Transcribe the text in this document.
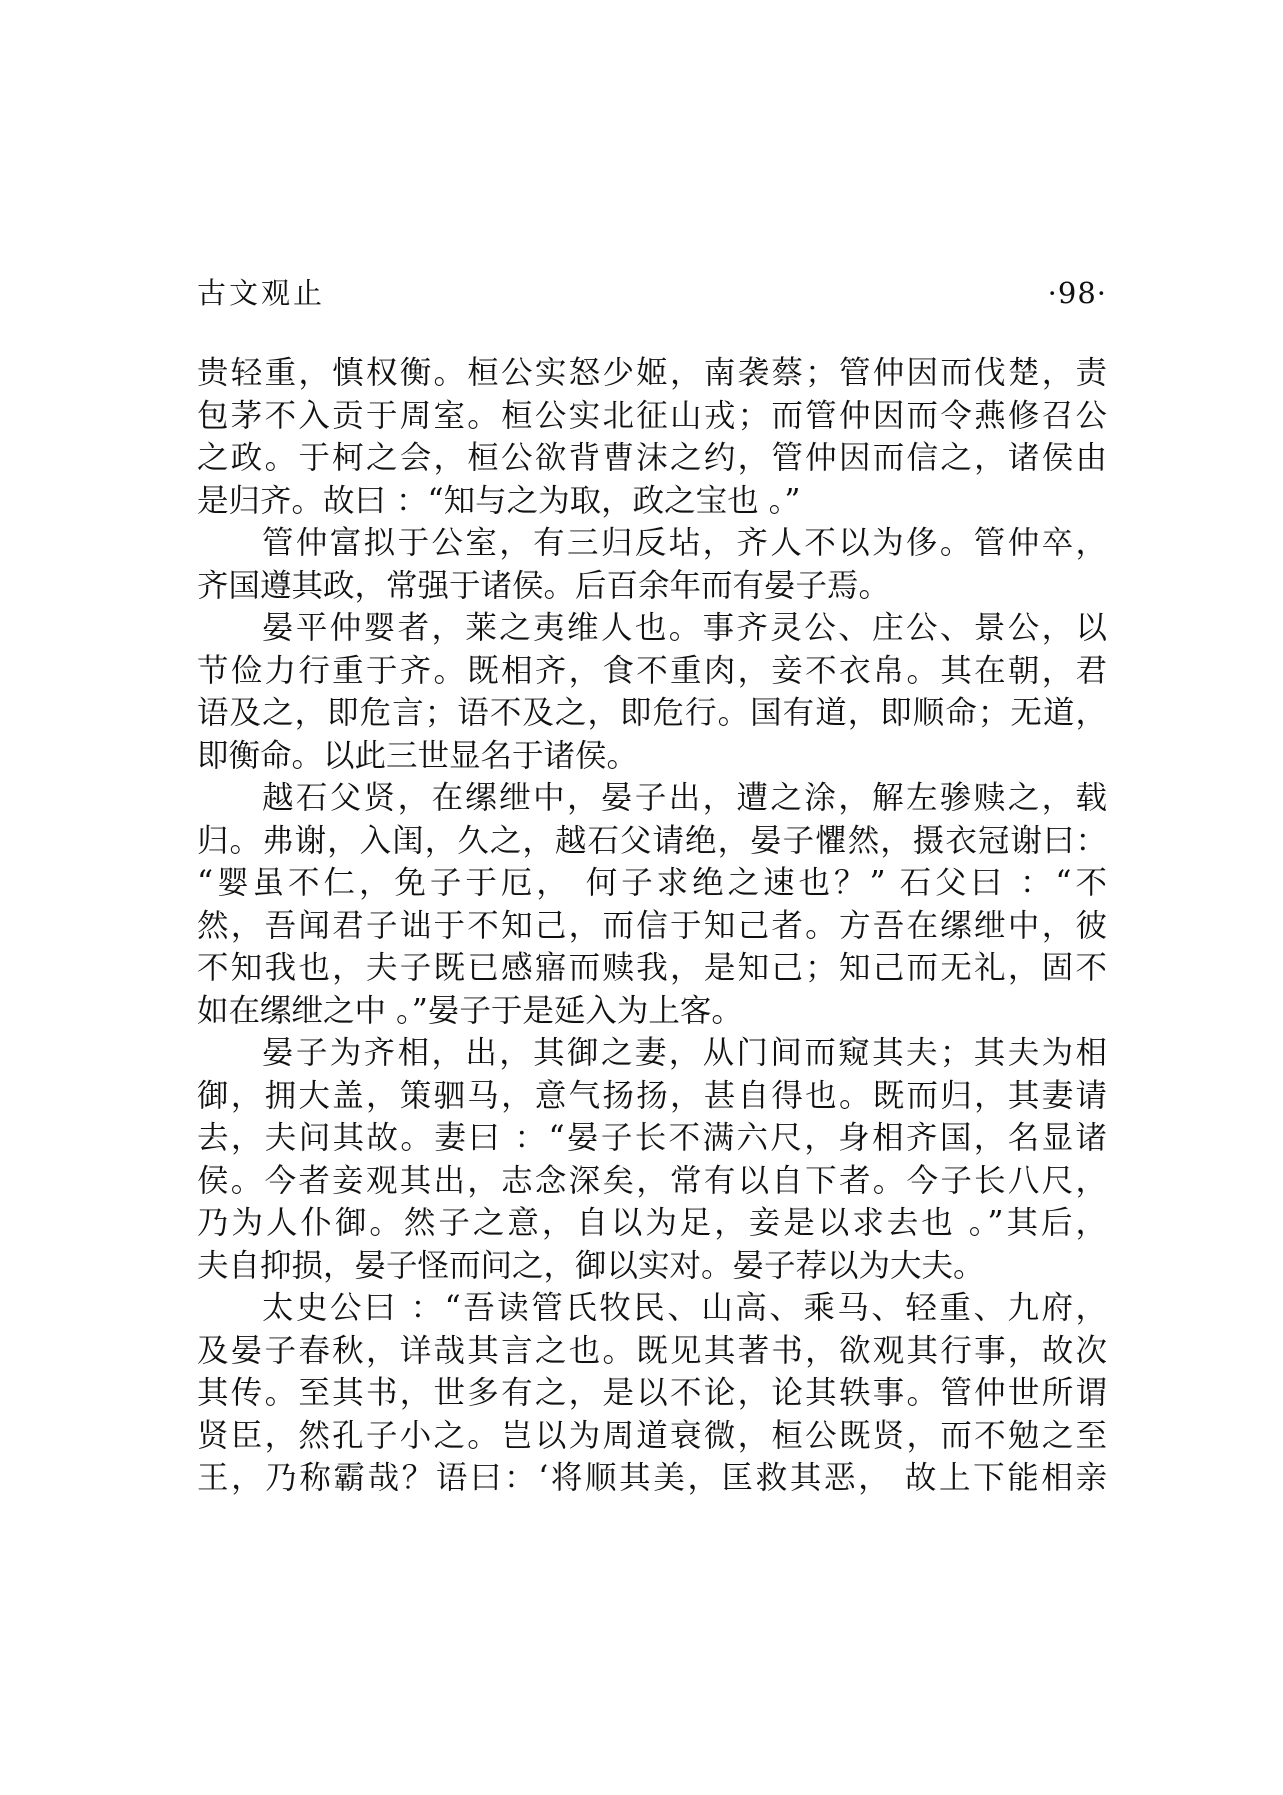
古文观止	·98·
贵轻重，慎权衡。桓公实怒少姬，南袭蔡；管仲因而伐楚，责
包茅不入贡于周室。桓公实北征山戎；而管仲因而令燕修召公
之政。于柯之会，桓公欲背曹沫之约，管仲因而信之，诸侯由
是归齐。故曰 ：“知与之为取，政之宝也 。”
管仲富拟于公室，有三归反坫，齐人不以为侈。管仲卒，
齐国遵其政，常强于诸侯。后百余年而有晏子焉。
晏平仲婴者，莱之夷维人也。事齐灵公、庄公、景公，以
节俭力行重于齐。既相齐，食不重肉，妾不衣帛。其在朝，君
语及之，即危言；语不及之，即危行。国有道，即顺命；无道，
即衡命。以此三世显名于诸侯。
越石父贤，在缧绁中，晏子出，遭之涂，解左骖赎之，载
归。弗谢，入闺，久之，越石父请绝，晏子懼然，摄衣冠谢曰：
“婴虽不仁，免子于厄， 何子求绝之速也？” 石父曰 ：“不
然，吾闻君子诎于不知己，而信于知己者。方吾在缧绁中，彼
不知我也，夫子既已感寤而赎我，是知己；知己而无礼，固不
如在缧绁之中 。”晏子于是延入为上客。
晏子为齐相，出，其御之妻，从门间而窥其夫；其夫为相
御，拥大盖，策驷马，意气扬扬，甚自得也。既而归，其妻请
去，夫问其故。妻曰 ：“晏子长不满六尺，身相齐国，名显诸
侯。今者妾观其出，志念深矣，常有以自下者。今子长八尺，
乃为人仆御。然子之意，自以为足，妾是以求去也 。”其后，
夫自抑损，晏子怪而问之，御以实对。晏子荐以为大夫。
太史公曰 ：“吾读管氏牧民、山高、乘马、轻重、九府，
及晏子春秋，详哉其言之也。既见其著书，欲观其行事，故次
其传。至其书，世多有之，是以不论，论其轶事。管仲世所谓
贤臣，然孔子小之。岂以为周道衰微，桓公既贤，而不勉之至
王，乃称霸哉？语曰：‘将顺其美，匡救其恶， 故上下能相亲
